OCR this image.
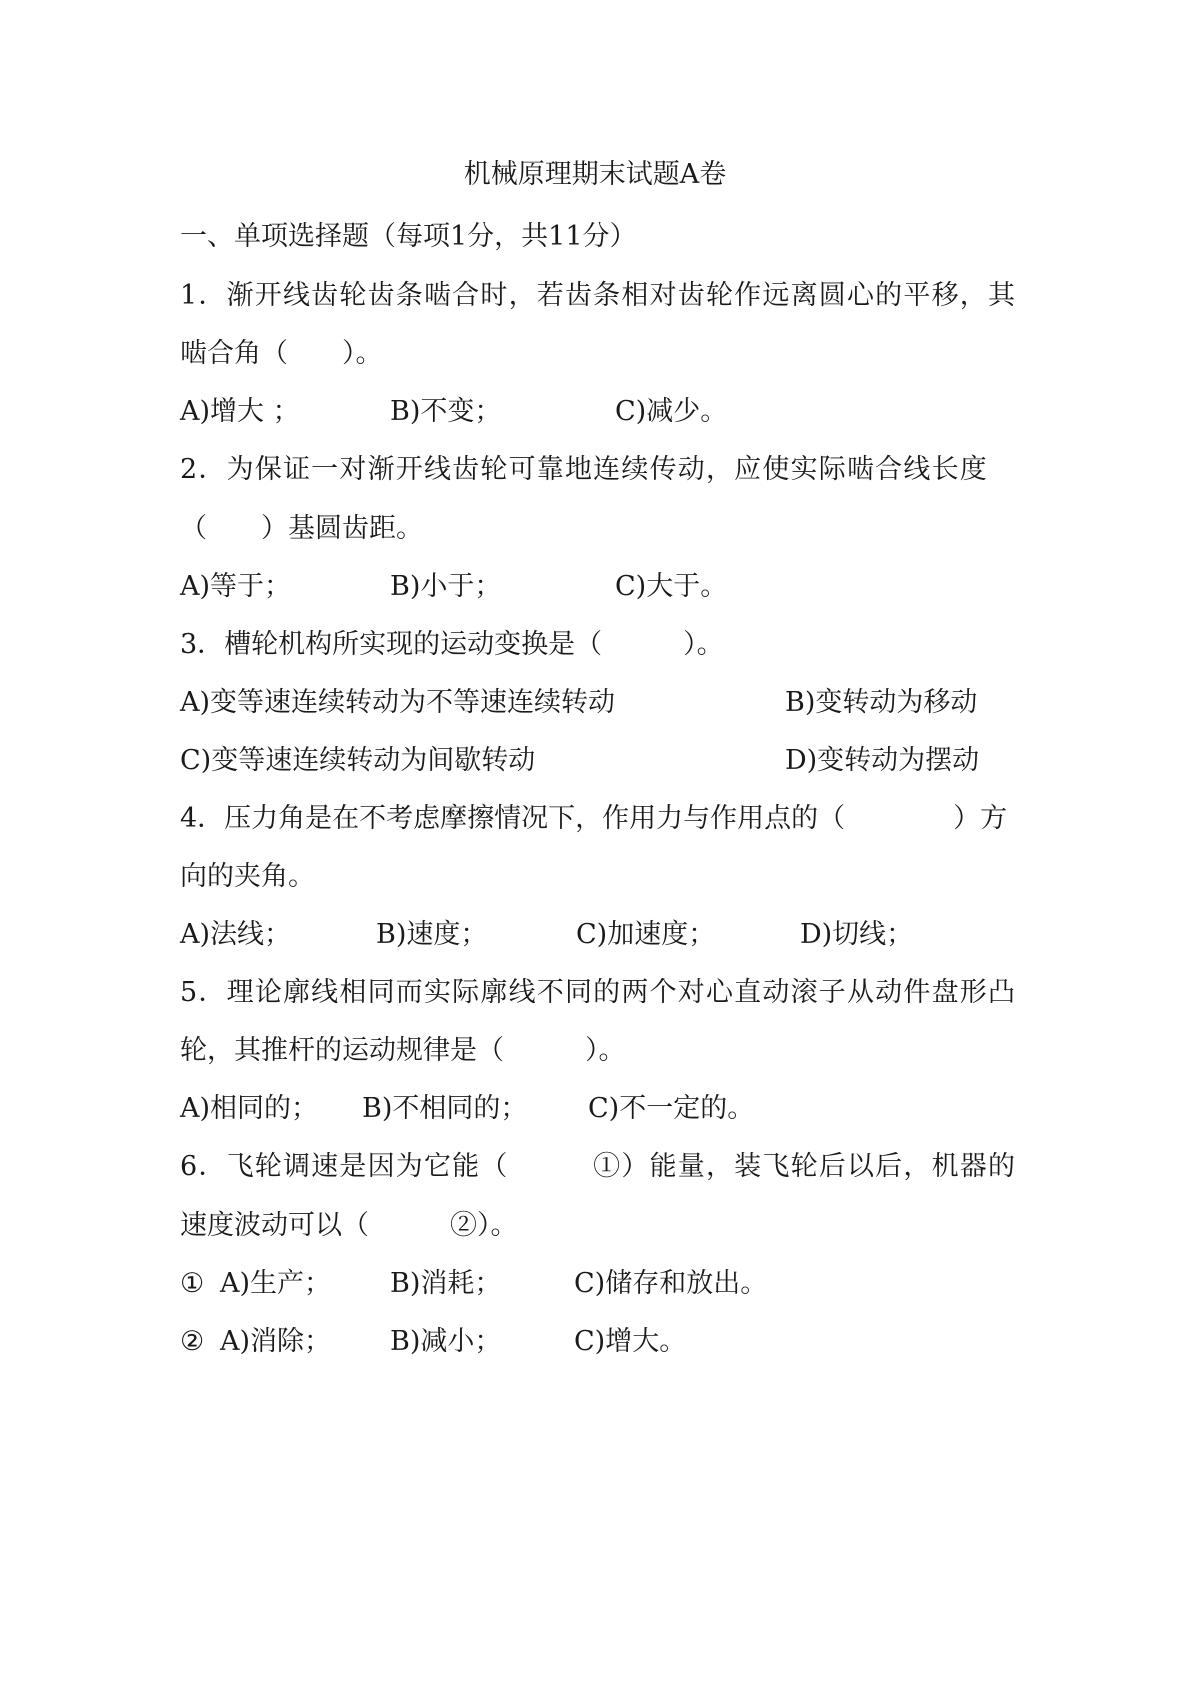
机械原理期末试题A卷
一、单项选择题（每项1分，共11分）
1．渐开线齿轮齿条啮合时，若齿条相对齿轮作远离圆心的平移，其
啮合角（　　）。
A)增大 ；	B)不变；	C)减少。
2．为保证一对渐开线齿轮可靠地连续传动，应使实际啮合线长度
（　　）基圆齿距。
A)等于；	B)小于；	C)大于。
3．槽轮机构所实现的运动变换是（　　　）。
A)变等速连续转动为不等速连续转动	B)变转动为移动
C)变等速连续转动为间歇转动	D)变转动为摆动
4．压力角是在不考虑摩擦情况下，作用力与作用点的（　　　　）方
向的夹角。
A)法线；	B)速度；	C)加速度；	D)切线；
5．理论廓线相同而实际廓线不同的两个对心直动滚子从动件盘形凸
轮，其推杆的运动规律是（　　　）。
A)相同的； B)不相同的； C)不一定的。
6．飞轮调速是因为它能（　　　①）能量，装飞轮后以后，机器的
速度波动可以（　　　②）。
① A)生产； B)消耗；	C)储存和放出。
② A)消除； B)减小；	C)增大。
